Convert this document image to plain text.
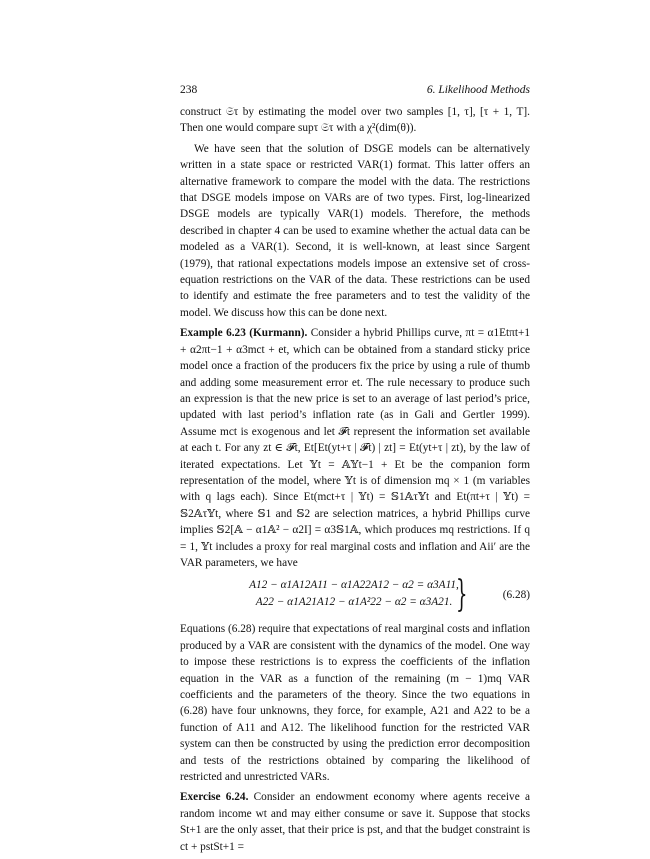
238	6. Likelihood Methods

construct 𝔖τ by estimating the model over two samples [1, τ], [τ + 1, T]. Then one would compare supτ 𝔖τ with a χ²(dim(θ)).

We have seen that the solution of DSGE models can be alternatively written in a state space or restricted VAR(1) format. This latter offers an alternative framework to compare the model with the data. The restrictions that DSGE models impose on VARs are of two types. First, log-linearized DSGE models are typically VAR(1) models. Therefore, the methods described in chapter 4 can be used to examine whether the actual data can be modeled as a VAR(1). Second, it is well-known, at least since Sargent (1979), that rational expectations models impose an extensive set of cross-equation restrictions on the VAR of the data. These restrictions can be used to identify and estimate the free parameters and to test the validity of the model. We discuss how this can be done next.

Example 6.23 (Kurmann). Consider a hybrid Phillips curve, πt = α1Etπt+1 + α2πt−1 + α3mct + et, which can be obtained from a standard sticky price model once a fraction of the producers fix the price by using a rule of thumb and adding some measurement error et. The rule necessary to produce such an expression is that the new price is set to an average of last period’s price, updated with last period’s inflation rate (as in Gali and Gertler 1999). Assume mct is exogenous and let 𝓕t represent the information set available at each t. For any zt ∈ 𝓕t, Et[Et(yt+τ | 𝓕t) | zt] = Et(yt+τ | zt), by the law of iterated expectations. Let 𝕐t = 𝔸𝕐t−1 + Et be the companion form representation of the model, where 𝕐t is of dimension mq × 1 (m variables with q lags each). Since Et(mct+τ | 𝕐t) = 𝕊1𝔸τ𝕐t and Et(πt+τ | 𝕐t) = 𝕊2𝔸τ𝕐t, where 𝕊1 and 𝕊2 are selection matrices, a hybrid Phillips curve implies 𝕊2[𝔸 − α1𝔸² − α2I] = α3𝕊1𝔸, which produces mq restrictions. If q = 1, 𝕐t includes a proxy for real marginal costs and inflation and Aii′ are the VAR parameters, we have

A12 − α1A12A11 − α1A22A12 − α2 = α3A11,
A22 − α1A21A12 − α1A²22 − α2 = α3A21. }	(6.28)

Equations (6.28) require that expectations of real marginal costs and inflation produced by a VAR are consistent with the dynamics of the model. One way to impose these restrictions is to express the coefficients of the inflation equation in the VAR as a function of the remaining (m − 1)mq VAR coefficients and the parameters of the theory. Since the two equations in (6.28) have four unknowns, they force, for example, A21 and A22 to be a function of A11 and A12. The likelihood function for the restricted VAR system can then be constructed by using the prediction error decomposition and tests of the restrictions obtained by comparing the likelihood of restricted and unrestricted VARs.

Exercise 6.24. Consider an endowment economy where agents receive a random income wt and may either consume or save it. Suppose that stocks St+1 are the only asset, that their price is pst, and that the budget constraint is ct + pstSt+1 =
